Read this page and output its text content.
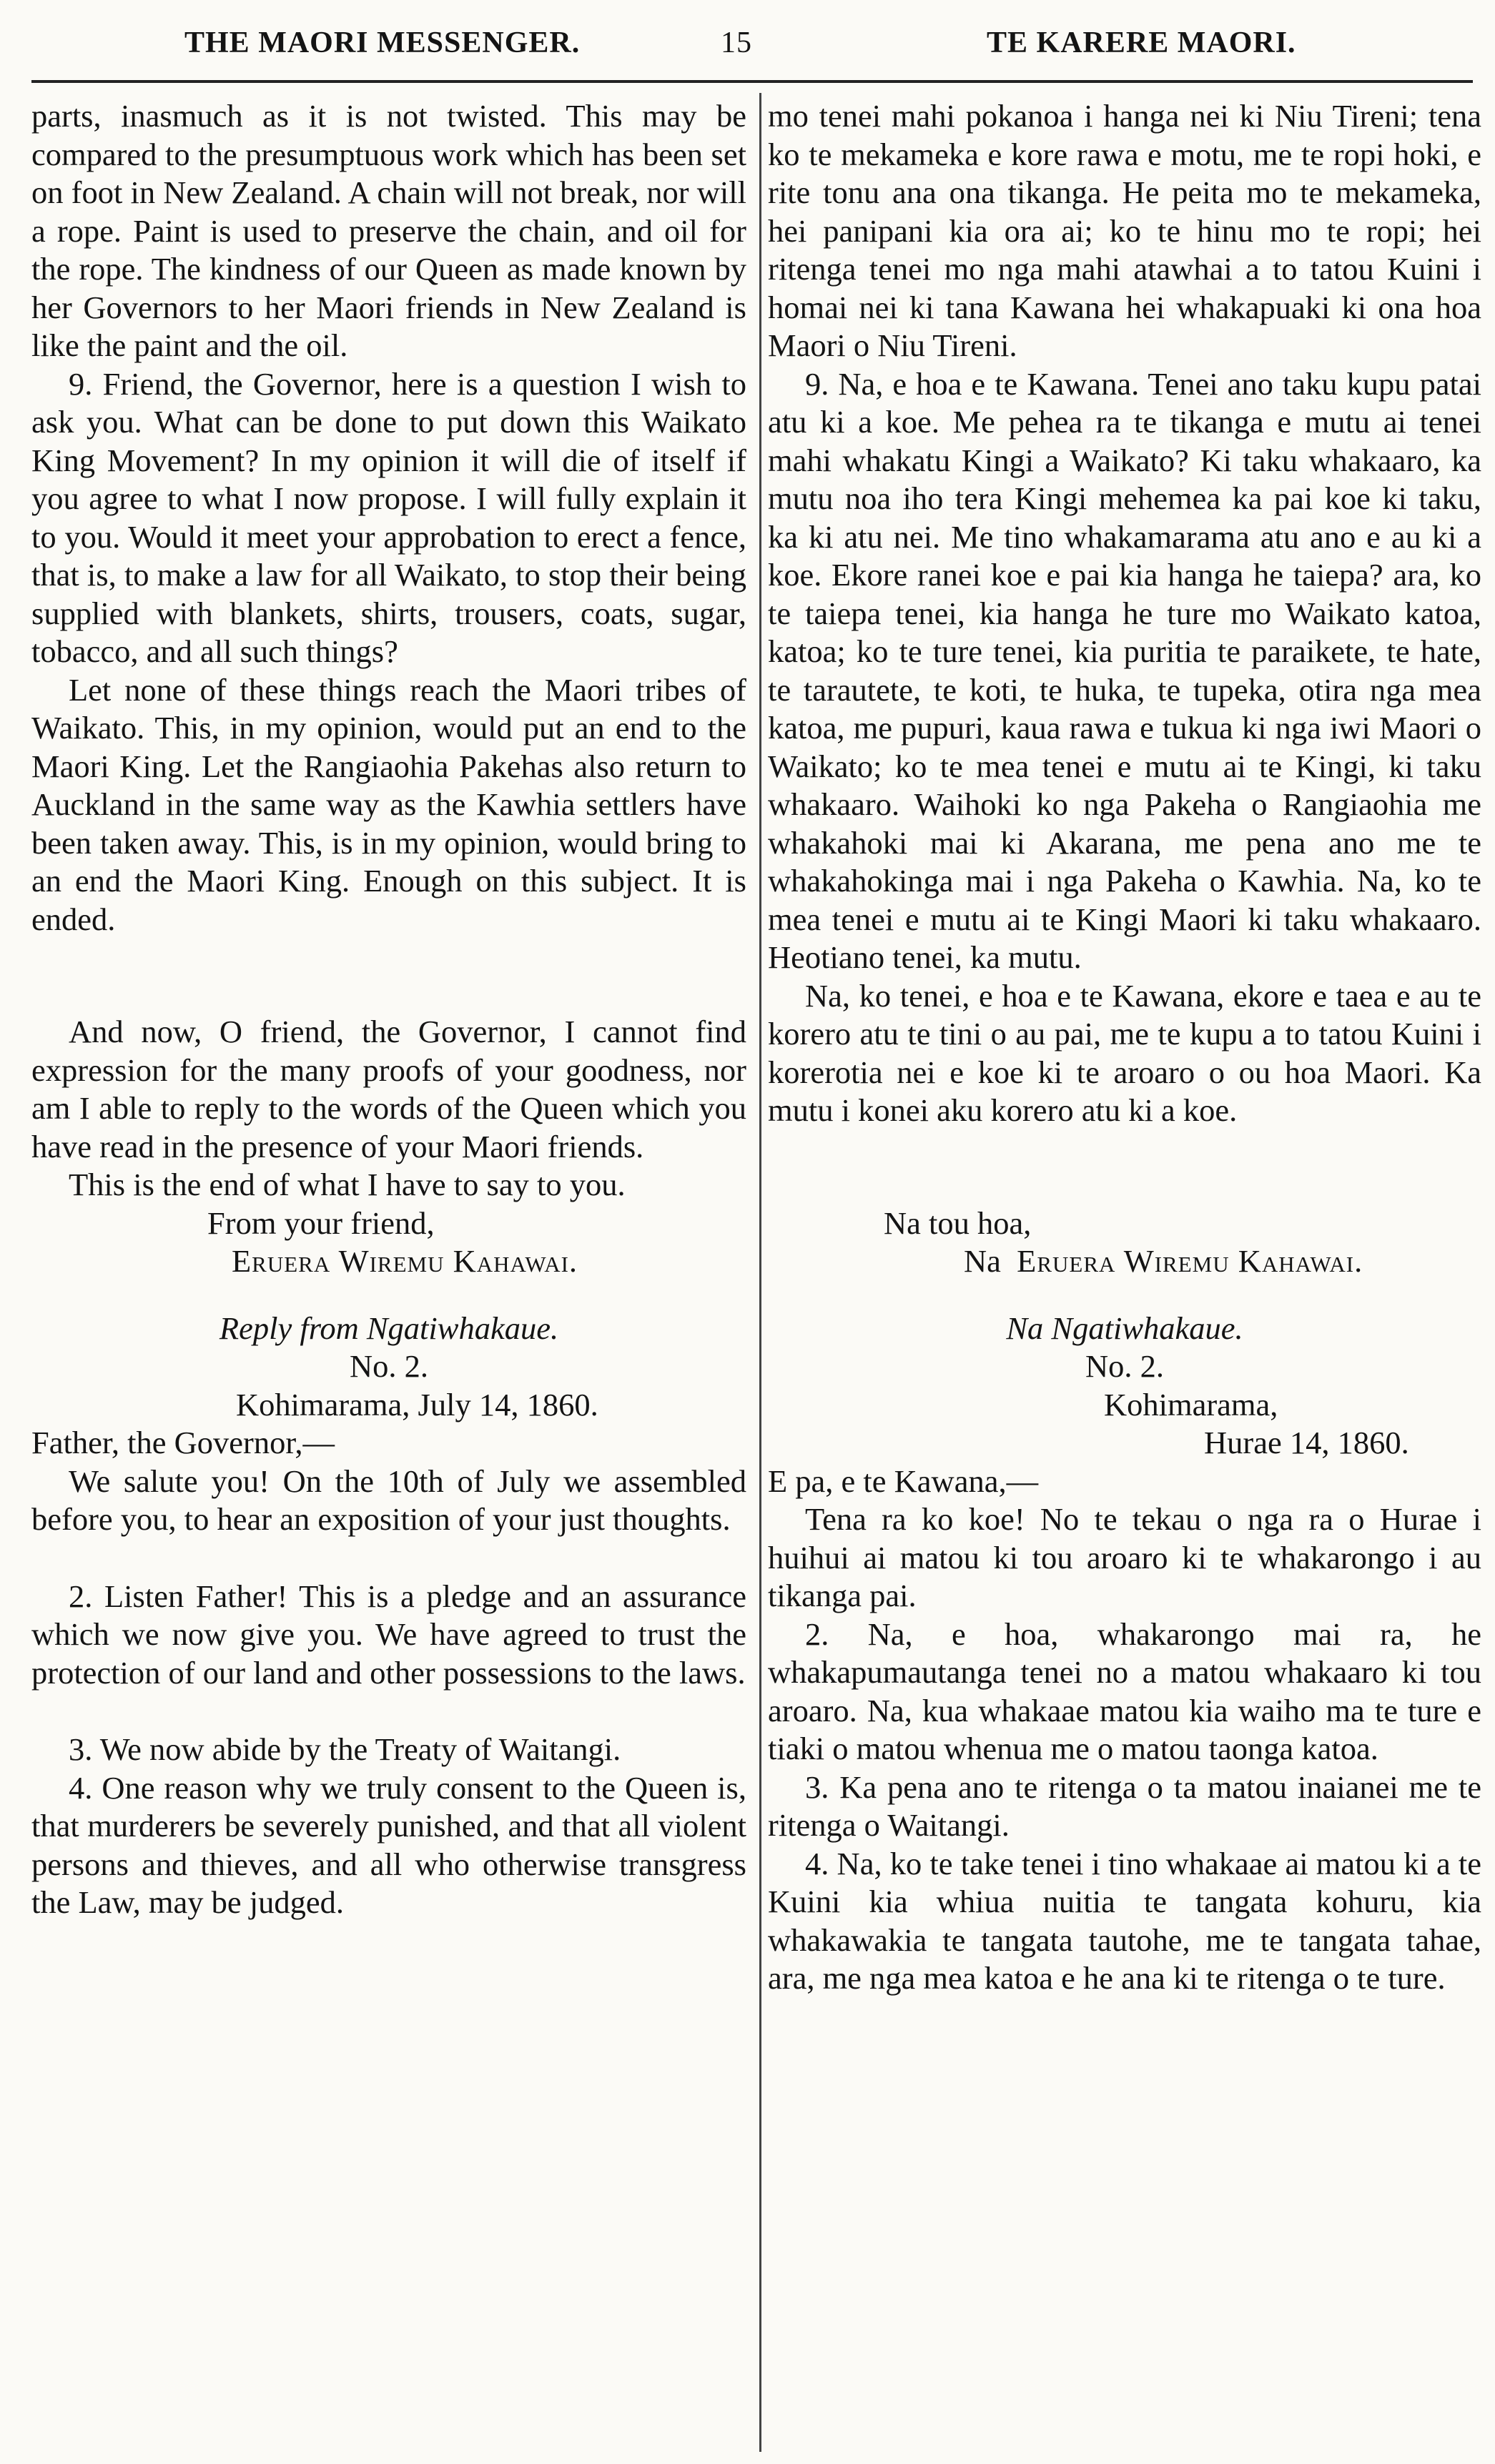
THE MAORI MESSENGER.	15	TE KARERE MAORI.

parts, inasmuch as it is not twisted. This may be compared to the presumptuous work which has been set on foot in New Zealand. A chain will not break, nor will a rope. Paint is used to preserve the chain, and oil for the rope. The kindness of our Queen as made known by her Governors to her Maori friends in New Zealand is like the paint and the oil.

9. Friend, the Governor, here is a question I wish to ask you. What can be done to put down this Waikato King Movement? In my opinion it will die of itself if you agree to what I now propose. I will fully explain it to you. Would it meet your approbation to erect a fence, that is, to make a law for all Waikato, to stop their being supplied with blankets, shirts, trousers, coats, sugar, tobacco, and all such things?

Let none of these things reach the Maori tribes of Waikato. This, in my opinion, would put an end to the Maori King. Let the Rangiaohia Pakehas also return to Auckland in the same way as the Kawhia settlers have been taken away. This, is in my opinion, would bring to an end the Maori King. Enough on this subject. It is ended.

And now, O friend, the Governor, I cannot find expression for the many proofs of your goodness, nor am I able to reply to the words of the Queen which you have read in the presence of your Maori friends.

This is the end of what I have to say to you.

From your friend,
Eruera Wiremu Kahawai.
Reply from Ngatiwhakaue.
No. 2.
Kohimarama, July 14, 1860.
Father, the Governor,—

We salute you! On the 10th of July we assembled before you, to hear an exposition of your just thoughts.

2. Listen Father! This is a pledge and an assurance which we now give you. We have agreed to trust the protection of our land and other possessions to the laws.

3. We now abide by the Treaty of Waitangi.

4. One reason why we truly consent to the Queen is, that murderers be severely punished, and that all violent persons and thieves, and all who otherwise transgress the Law, may be judged.

mo tenei mahi pokanoa i hanga nei ki Niu Tireni; tena ko te mekameka e kore rawa e motu, me te ropi hoki, e rite tonu ana ona tikanga. He peita mo te mekameka, hei panipani kia ora ai; ko te hinu mo te ropi; hei ritenga tenei mo nga mahi atawhai a to tatou Kuini i homai nei ki tana Kawana hei whakapuaki ki ona hoa Maori o Niu Tireni.

9. Na, e hoa e te Kawana. Tenei ano taku kupu patai atu ki a koe. Me pehea ra te tikanga e mutu ai tenei mahi whakatu Kingi a Waikato? Ki taku whakaaro, ka mutu noa iho tera Kingi mehemea ka pai koe ki taku, ka ki atu nei. Me tino whakamarama atu ano e au ki a koe. Ekore ranei koe e pai kia hanga he taiepa? ara, ko te taiepa tenei, kia hanga he ture mo Waikato katoa, katoa; ko te ture tenei, kia puritia te paraikete, te hate, te tarautete, te koti, te huka, te tupeka, otira nga mea katoa, me pupuri, kaua rawa e tukua ki nga iwi Maori o Waikato; ko te mea tenei e mutu ai te Kingi, ki taku whakaaro. Waihoki ko nga Pakeha o Rangiaohia me whakahoki mai ki Akarana, me pena ano me te whakahokinga mai i nga Pakeha o Kawhia. Na, ko te mea tenei e mutu ai te Kingi Maori ki taku whakaaro. Heotiano tenei, ka mutu.

Na, ko tenei, e hoa e te Kawana, ekore e taea e au te korero atu te tini o au pai, me te kupu a to tatou Kuini i korerotia nei e koe ki te aroaro o ou hoa Maori. Ka mutu i konei aku korero atu ki a koe.

Na tou hoa,
Na Eruera Wiremu Kahawai.
Na Ngatiwhakaue.
No. 2.
Kohimarama,
Hurae 14, 1860.
E pa, e te Kawana,—

Tena ra ko koe! No te tekau o nga ra o Hurae i huihui ai matou ki tou aroaro ki te whakarongo i au tikanga pai.

2. Na, e hoa, whakarongo mai ra, he whakapumautanga tenei no a matou whakaaro ki tou aroaro. Na, kua whakaae matou kia waiho ma te ture e tiaki o matou whenua me o matou taonga katoa.

3. Ka pena ano te ritenga o ta matou inaianei me te ritenga o Waitangi.

4. Na, ko te take tenei i tino whakaae ai matou ki a te Kuini kia whiua nuitia te tangata kohuru, kia whakawakia te tangata tautohe, me te tangata tahae, ara, me nga mea katoa e he ana ki te ritenga o te ture.
